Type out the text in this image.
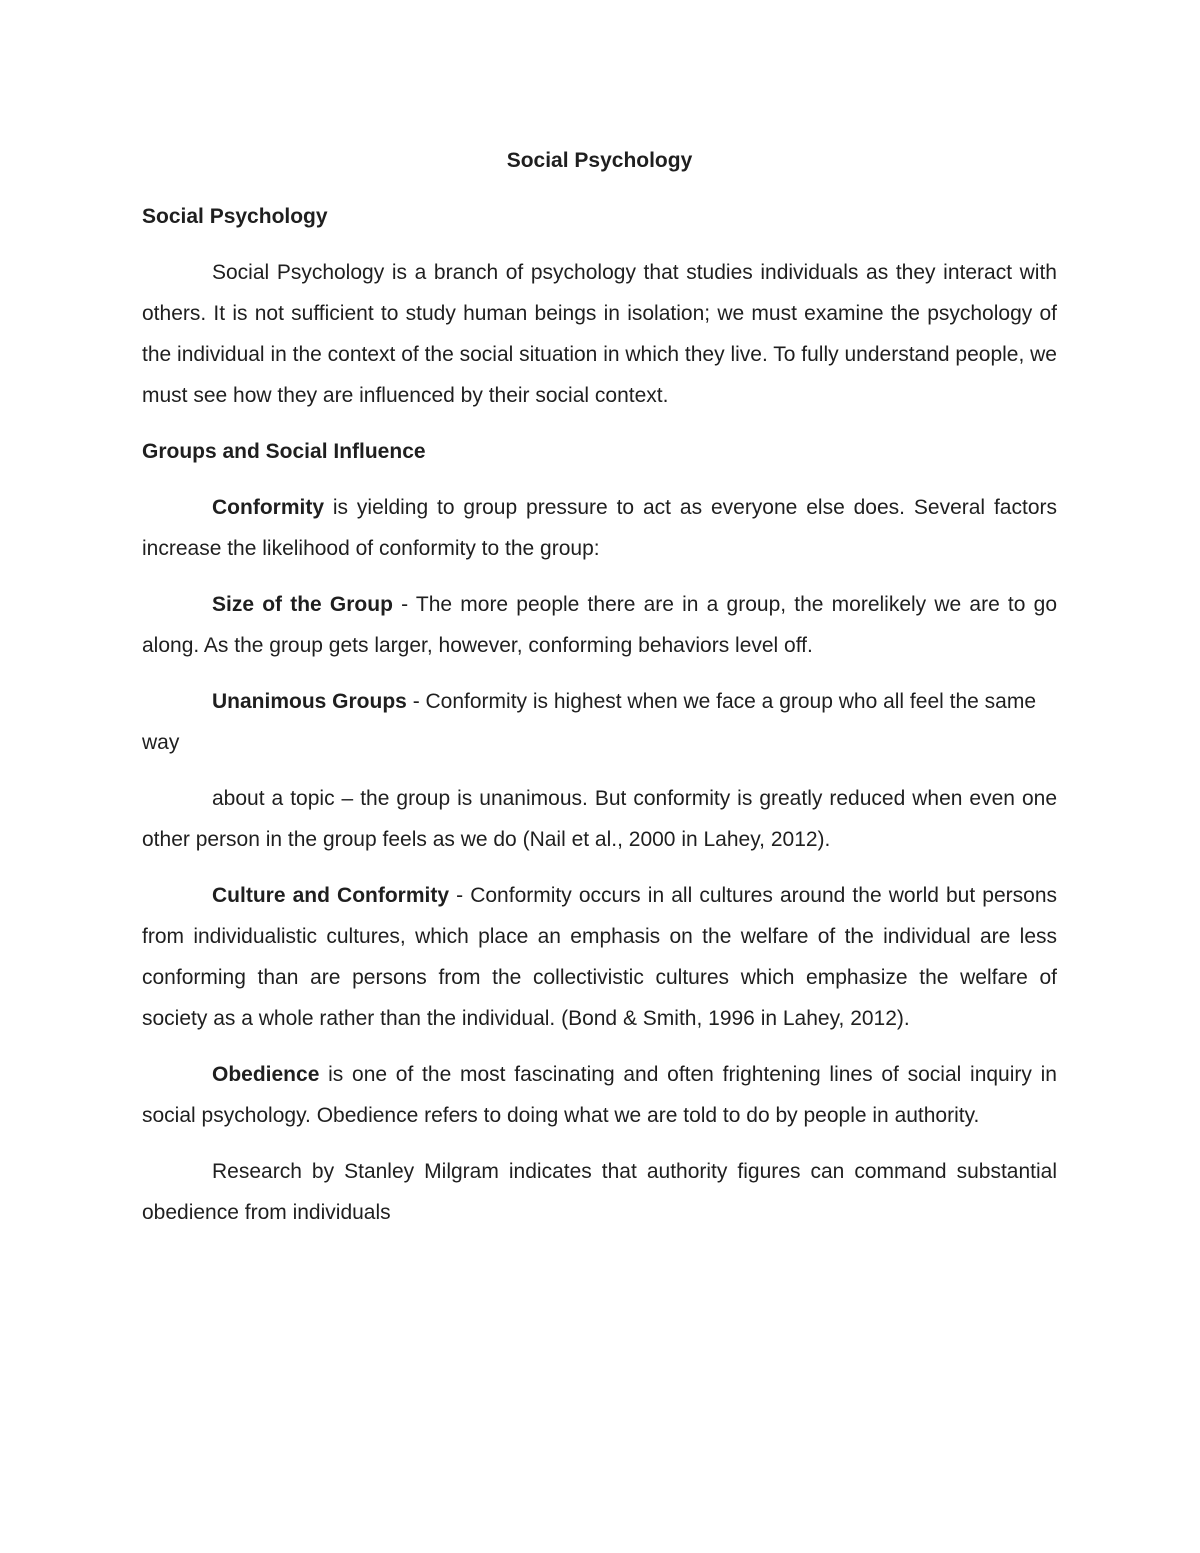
Social Psychology
Social Psychology

Social Psychology is a branch of psychology that studies individuals as they interact with others. It is not sufficient to study human beings in isolation; we must examine the psychology of the individual in the context of the social situation in which they live. To fully understand people, we must see how they are influenced by their social context.

Groups and Social Influence

Conformity is yielding to group pressure to act as everyone else does. Several factors increase the likelihood of conformity to the group:

Size of the Group - The more people there are in a group, the morelikely we are to go along. As the group gets larger, however, conforming behaviors level off.

Unanimous Groups - Conformity is highest when we face a group who all feel the same way

about a topic – the group is unanimous. But conformity is greatly reduced when even one other person in the group feels as we do (Nail et al., 2000 in Lahey, 2012).

Culture and Conformity - Conformity occurs in all cultures around the world but persons from individualistic cultures, which place an emphasis on the welfare of the individual are less conforming than are persons from the collectivistic cultures which emphasize the welfare of society as a whole rather than the individual. (Bond & Smith, 1996 in Lahey, 2012).

Obedience is one of the most fascinating and often frightening lines of social inquiry in social psychology. Obedience refers to doing what we are told to do by people in authority.

Research by Stanley Milgram indicates that authority figures can command substantial obedience from individuals
